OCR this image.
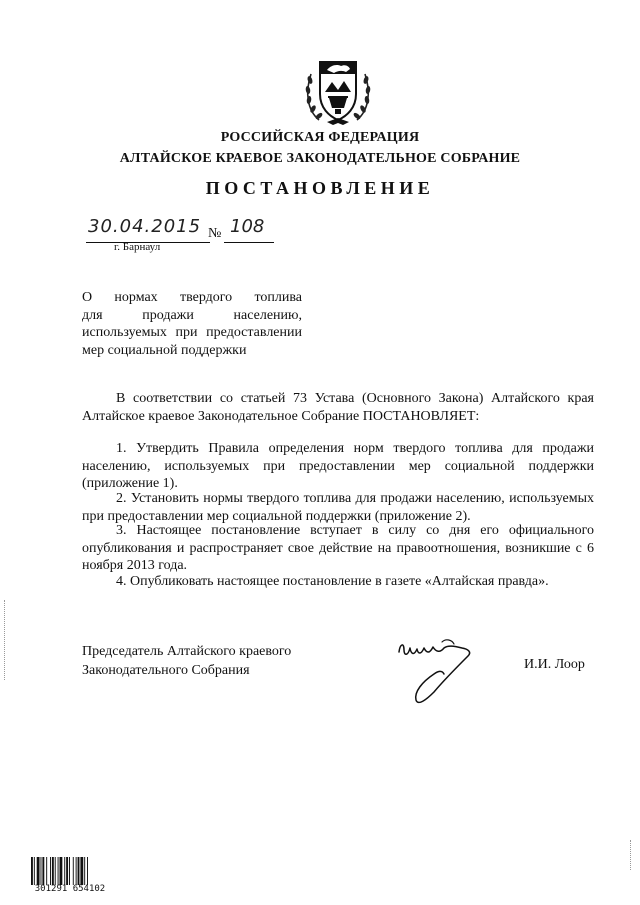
РОССИЙСКАЯ ФЕДЕРАЦИЯ
АЛТАЙСКОЕ КРАЕВОЕ ЗАКОНОДАТЕЛЬНОЕ СОБРАНИЕ
ПОСТАНОВЛЕНИЕ
30.04.2015 № 108
г. Барнаул
О нормах твердого топлива
для продажи населению,
используемых при предоставлении
мер социальной поддержки
В соответствии со статьей 73 Устава (Основного Закона) Алтайского края Алтайское краевое Законодательное Собрание ПОСТАНОВЛЯЕТ:
1. Утвердить Правила определения норм твердого топлива для продажи населению, используемых при предоставлении мер социальной поддержки (приложение 1).
2. Установить нормы твердого топлива для продажи населению, используемых при предоставлении мер социальной поддержки (приложение 2).
3. Настоящее постановление вступает в силу со дня его официального опубликования и распространяет свое действие на правоотношения, возникшие с 6 ноября 2013 года.
4. Опубликовать настоящее постановление в газете «Алтайская правда».
Председатель Алтайского краевого
Законодательного Собрания	И.И. Лоор
301291 654102
